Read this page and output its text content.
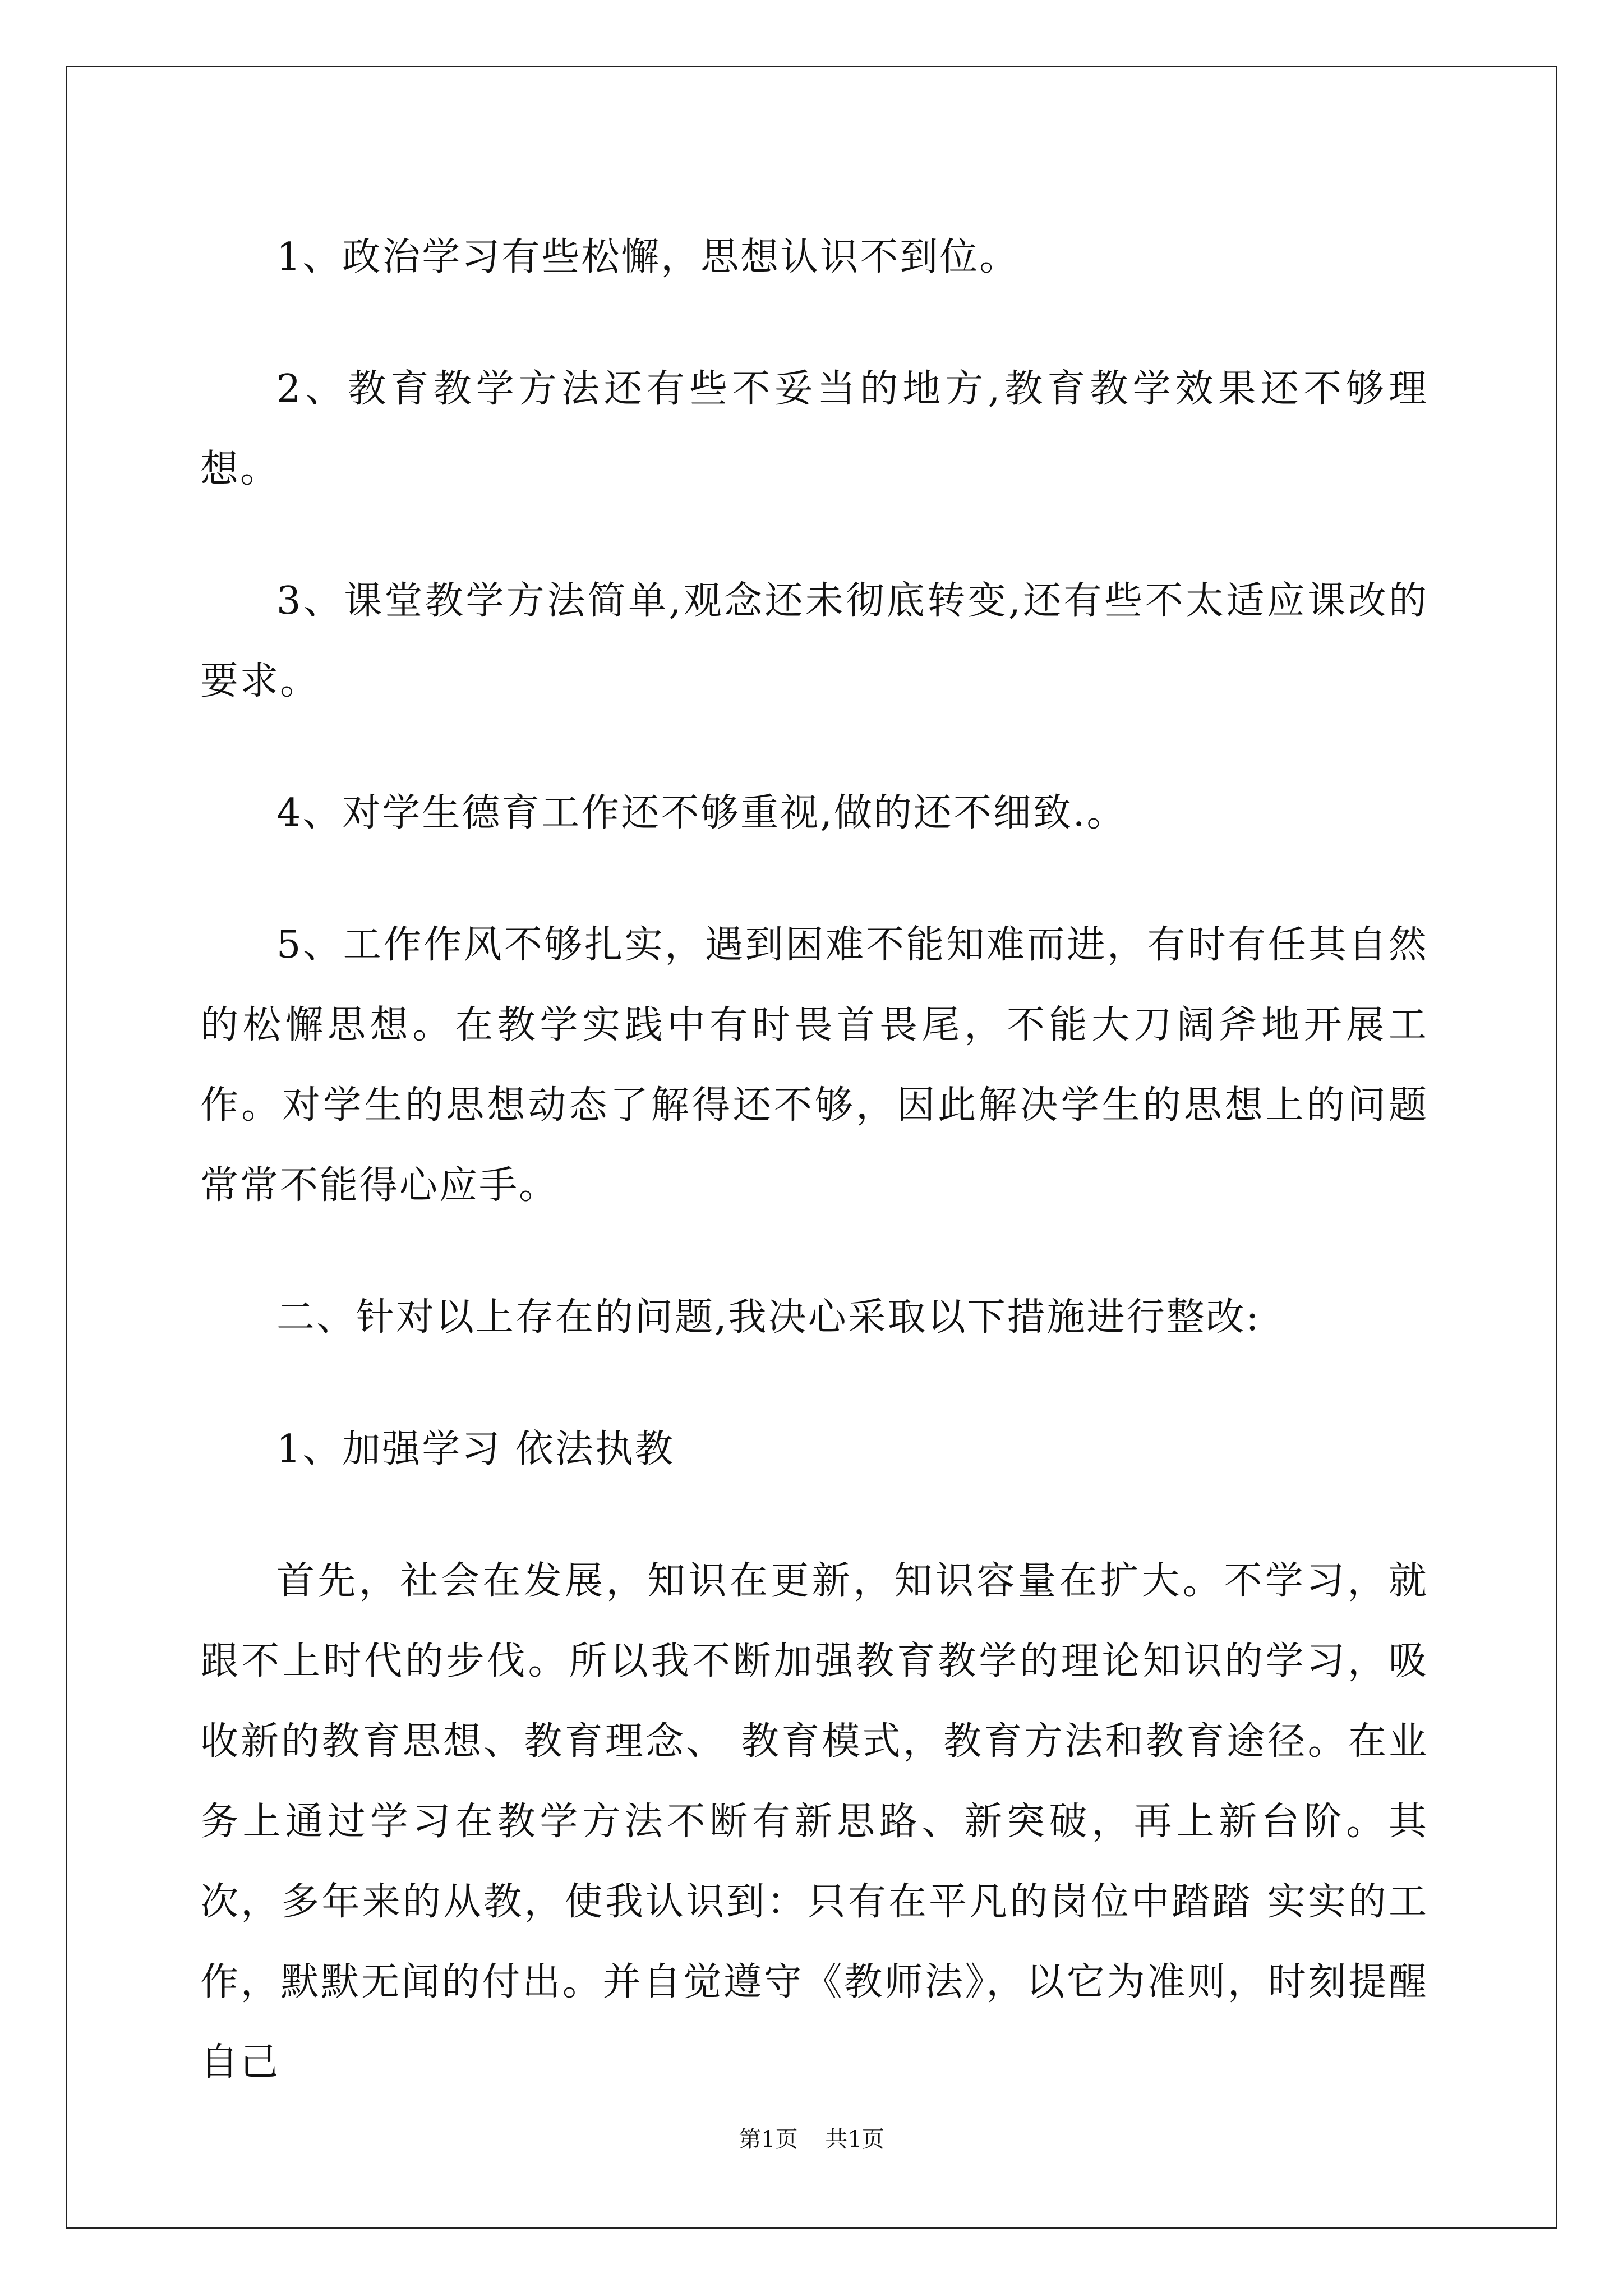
1、政治学习有些松懈，思想认识不到位。

2、教育教学方法还有些不妥当的地方,教育教学效果还不够理想。

3、课堂教学方法简单,观念还未彻底转变,还有些不太适应课改的要求。

4、对学生德育工作还不够重视,做的还不细致.。

5、工作作风不够扎实，遇到困难不能知难而进，有时有任其自然的松懈思想。在教学实践中有时畏首畏尾，不能大刀阔斧地开展工作。对学生的思想动态了解得还不够，因此解决学生的思想上的问题常常不能得心应手。

二、针对以上存在的问题,我决心采取以下措施进行整改:

1、加强学习 依法执教

首先，社会在发展，知识在更新，知识容量在扩大。不学习，就跟不上时代的步伐。所以我不断加强教育教学的理论知识的学习，吸收新的教育思想、教育理念、 教育模式，教育方法和教育途径。在业务上通过学习在教学方法不断有新思路、新突破，再上新台阶。其次，多年来的从教，使我认识到：只有在平凡的岗位中踏踏 实实的工作，默默无闻的付出。并自觉遵守《教师法》，以它为准则，时刻提醒自己

第1页 共1页
